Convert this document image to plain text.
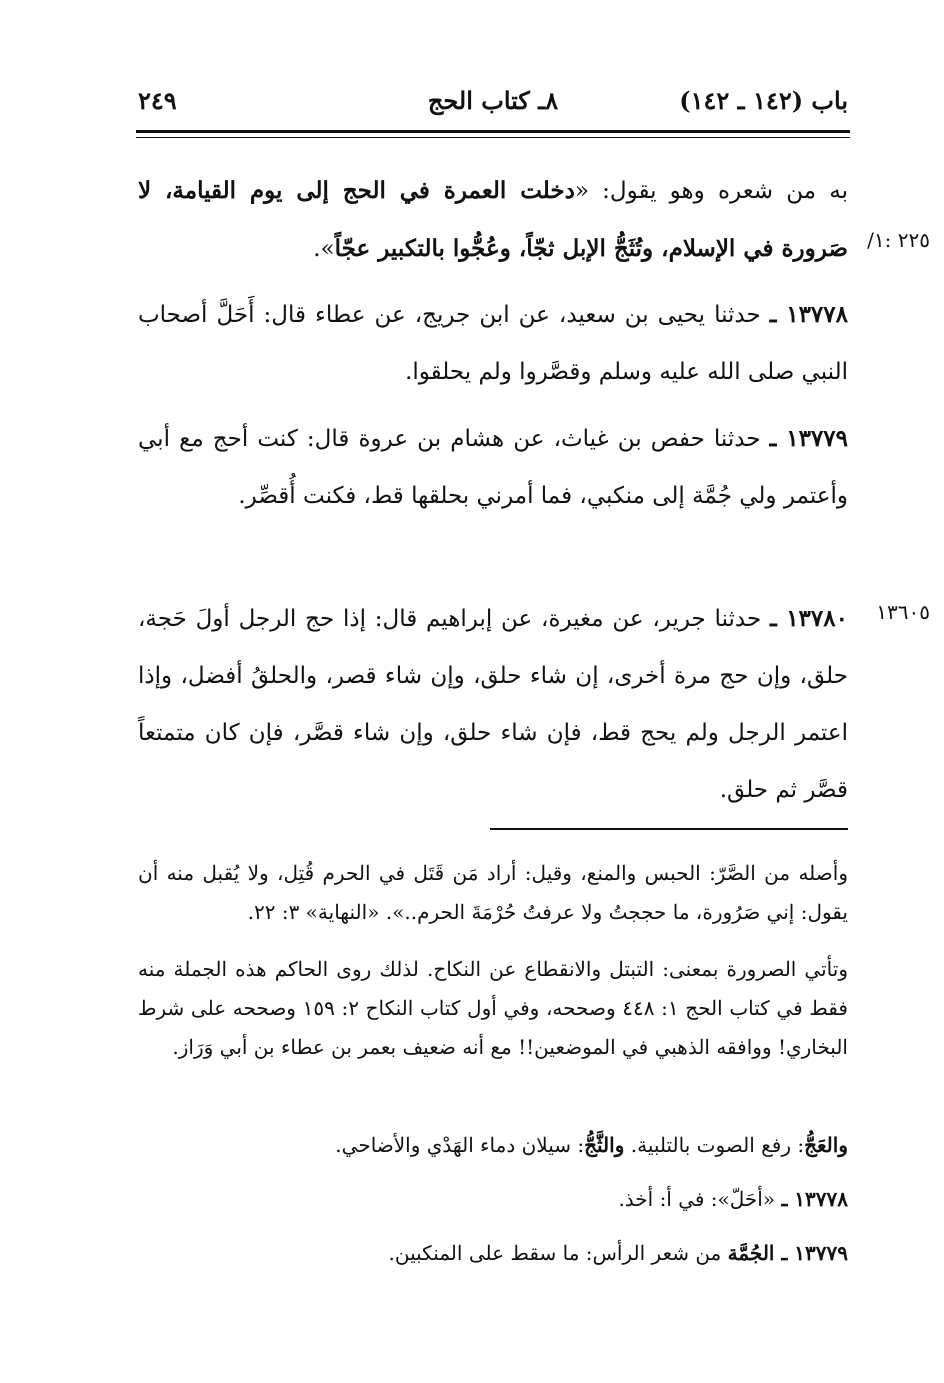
باب (١٤٢ ـ ١٤٢)
٨ـ كتاب الحج
٢٤٩
به من شعره وهو يقول: «دخلت العمرة في الحج إلى يوم القيامة، لا صَرورة في الإسلام، وتُثَجُّ الإبل ثجّاً، وعُجُّوا بالتكبير عجّاً».	٢٢٥ :١/
١٣٧٧٨ ـ حدثنا يحيى بن سعيد، عن ابن جريج، عن عطاء قال: أَحَلَّ أصحاب النبي صلى الله عليه وسلم وقصَّروا ولم يحلقوا.
١٣٧٧٩ ـ حدثنا حفص بن غياث، عن هشام بن عروة قال: كنت أحج مع أبي وأعتمر ولي جُمَّة إلى منكبي، فما أمرني بحلقها قط، فكنت أُقصِّر.
١٣٧٨٠ ـ حدثنا جرير، عن مغيرة، عن إبراهيم قال: إذا حج الرجل أولَ حَجة، حلق، وإن حج مرة أخرى، إن شاء حلق، وإن شاء قصر، والحلقُ أفضل، وإذا اعتمر الرجل ولم يحج قط، فإن شاء حلق، وإن شاء قصَّر، فإن كان متمتعاً قصَّر ثم حلق.
١٣٦٠٥
وأصله من الصَّرّ: الحبس والمنع، وقيل: أراد مَن قَتَل في الحرم قُتِل، ولا يُقبل منه أن يقول: إني صَرُورة، ما حججتُ ولا عرفتُ حُرْمَةَ الحرم..». «النهاية» ٣: ٢٢.
وتأتي الصرورة بمعنى: التبتل والانقطاع عن النكاح. لذلك روى الحاكم هذه الجملة منه فقط في كتاب الحج ١: ٤٤٨ وصححه، وفي أول كتاب النكاح ٢: ١٥٩ وصححه على شرط البخاري! ووافقه الذهبي في الموضعين!! مع أنه ضعيف بعمر بن عطاء بن أبي وَرَاز.
والعَجُّ: رفع الصوت بالتلبية. والثَّجُّ: سيلان دماء الهَدْي والأضاحي.
١٣٧٧٨ ـ «أحَلّ»: في أ: أخذ.
١٣٧٧٩ ـ الجُمَّة من شعر الرأس: ما سقط على المنكبين.
